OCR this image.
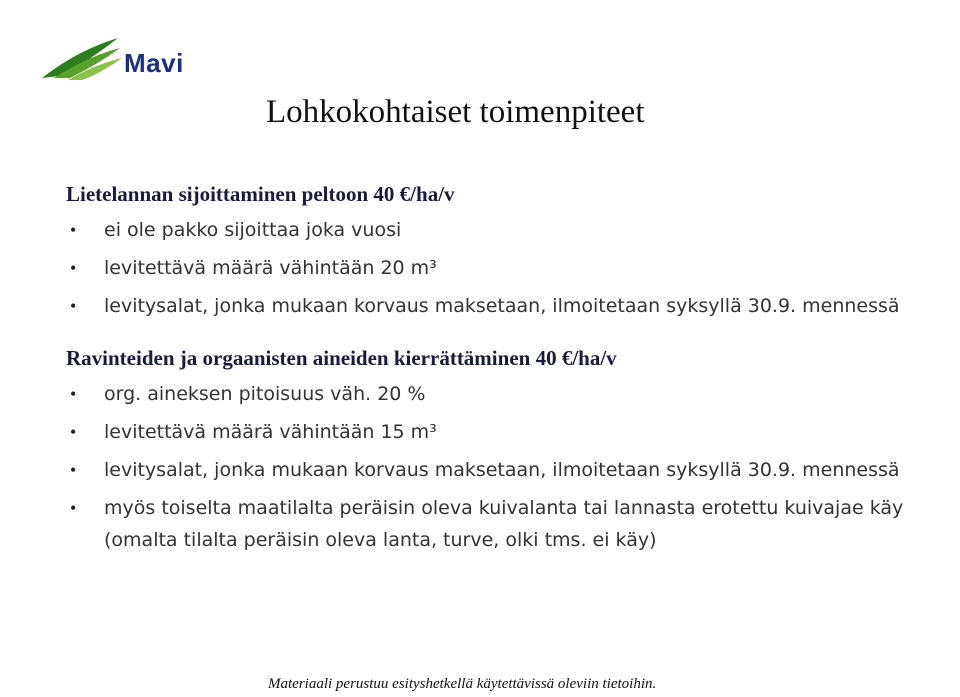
Mavi
Lohkokohtaiset toimenpiteet

Lietelannan sijoittaminen peltoon 40 €/ha/v

• ei ole pakko sijoittaa joka vuosi
• levitettävä määrä vähintään 20 m³
• levitysalat, jonka mukaan korvaus maksetaan, ilmoitetaan syksyllä 30.9. mennessä

Ravinteiden ja orgaanisten aineiden kierrättäminen 40 €/ha/v

• org. aineksen pitoisuus väh. 20 %
• levitettävä määrä vähintään 15 m³
• levitysalat, jonka mukaan korvaus maksetaan, ilmoitetaan syksyllä 30.9. mennessä
• myös toiselta maatilalta peräisin oleva kuivalanta tai lannasta erotettu kuivajae käy (omalta tilalta peräisin oleva lanta, turve, olki tms. ei käy)
Materiaali perustuu esityshetkellä käytettävissä oleviin tietoihin.
